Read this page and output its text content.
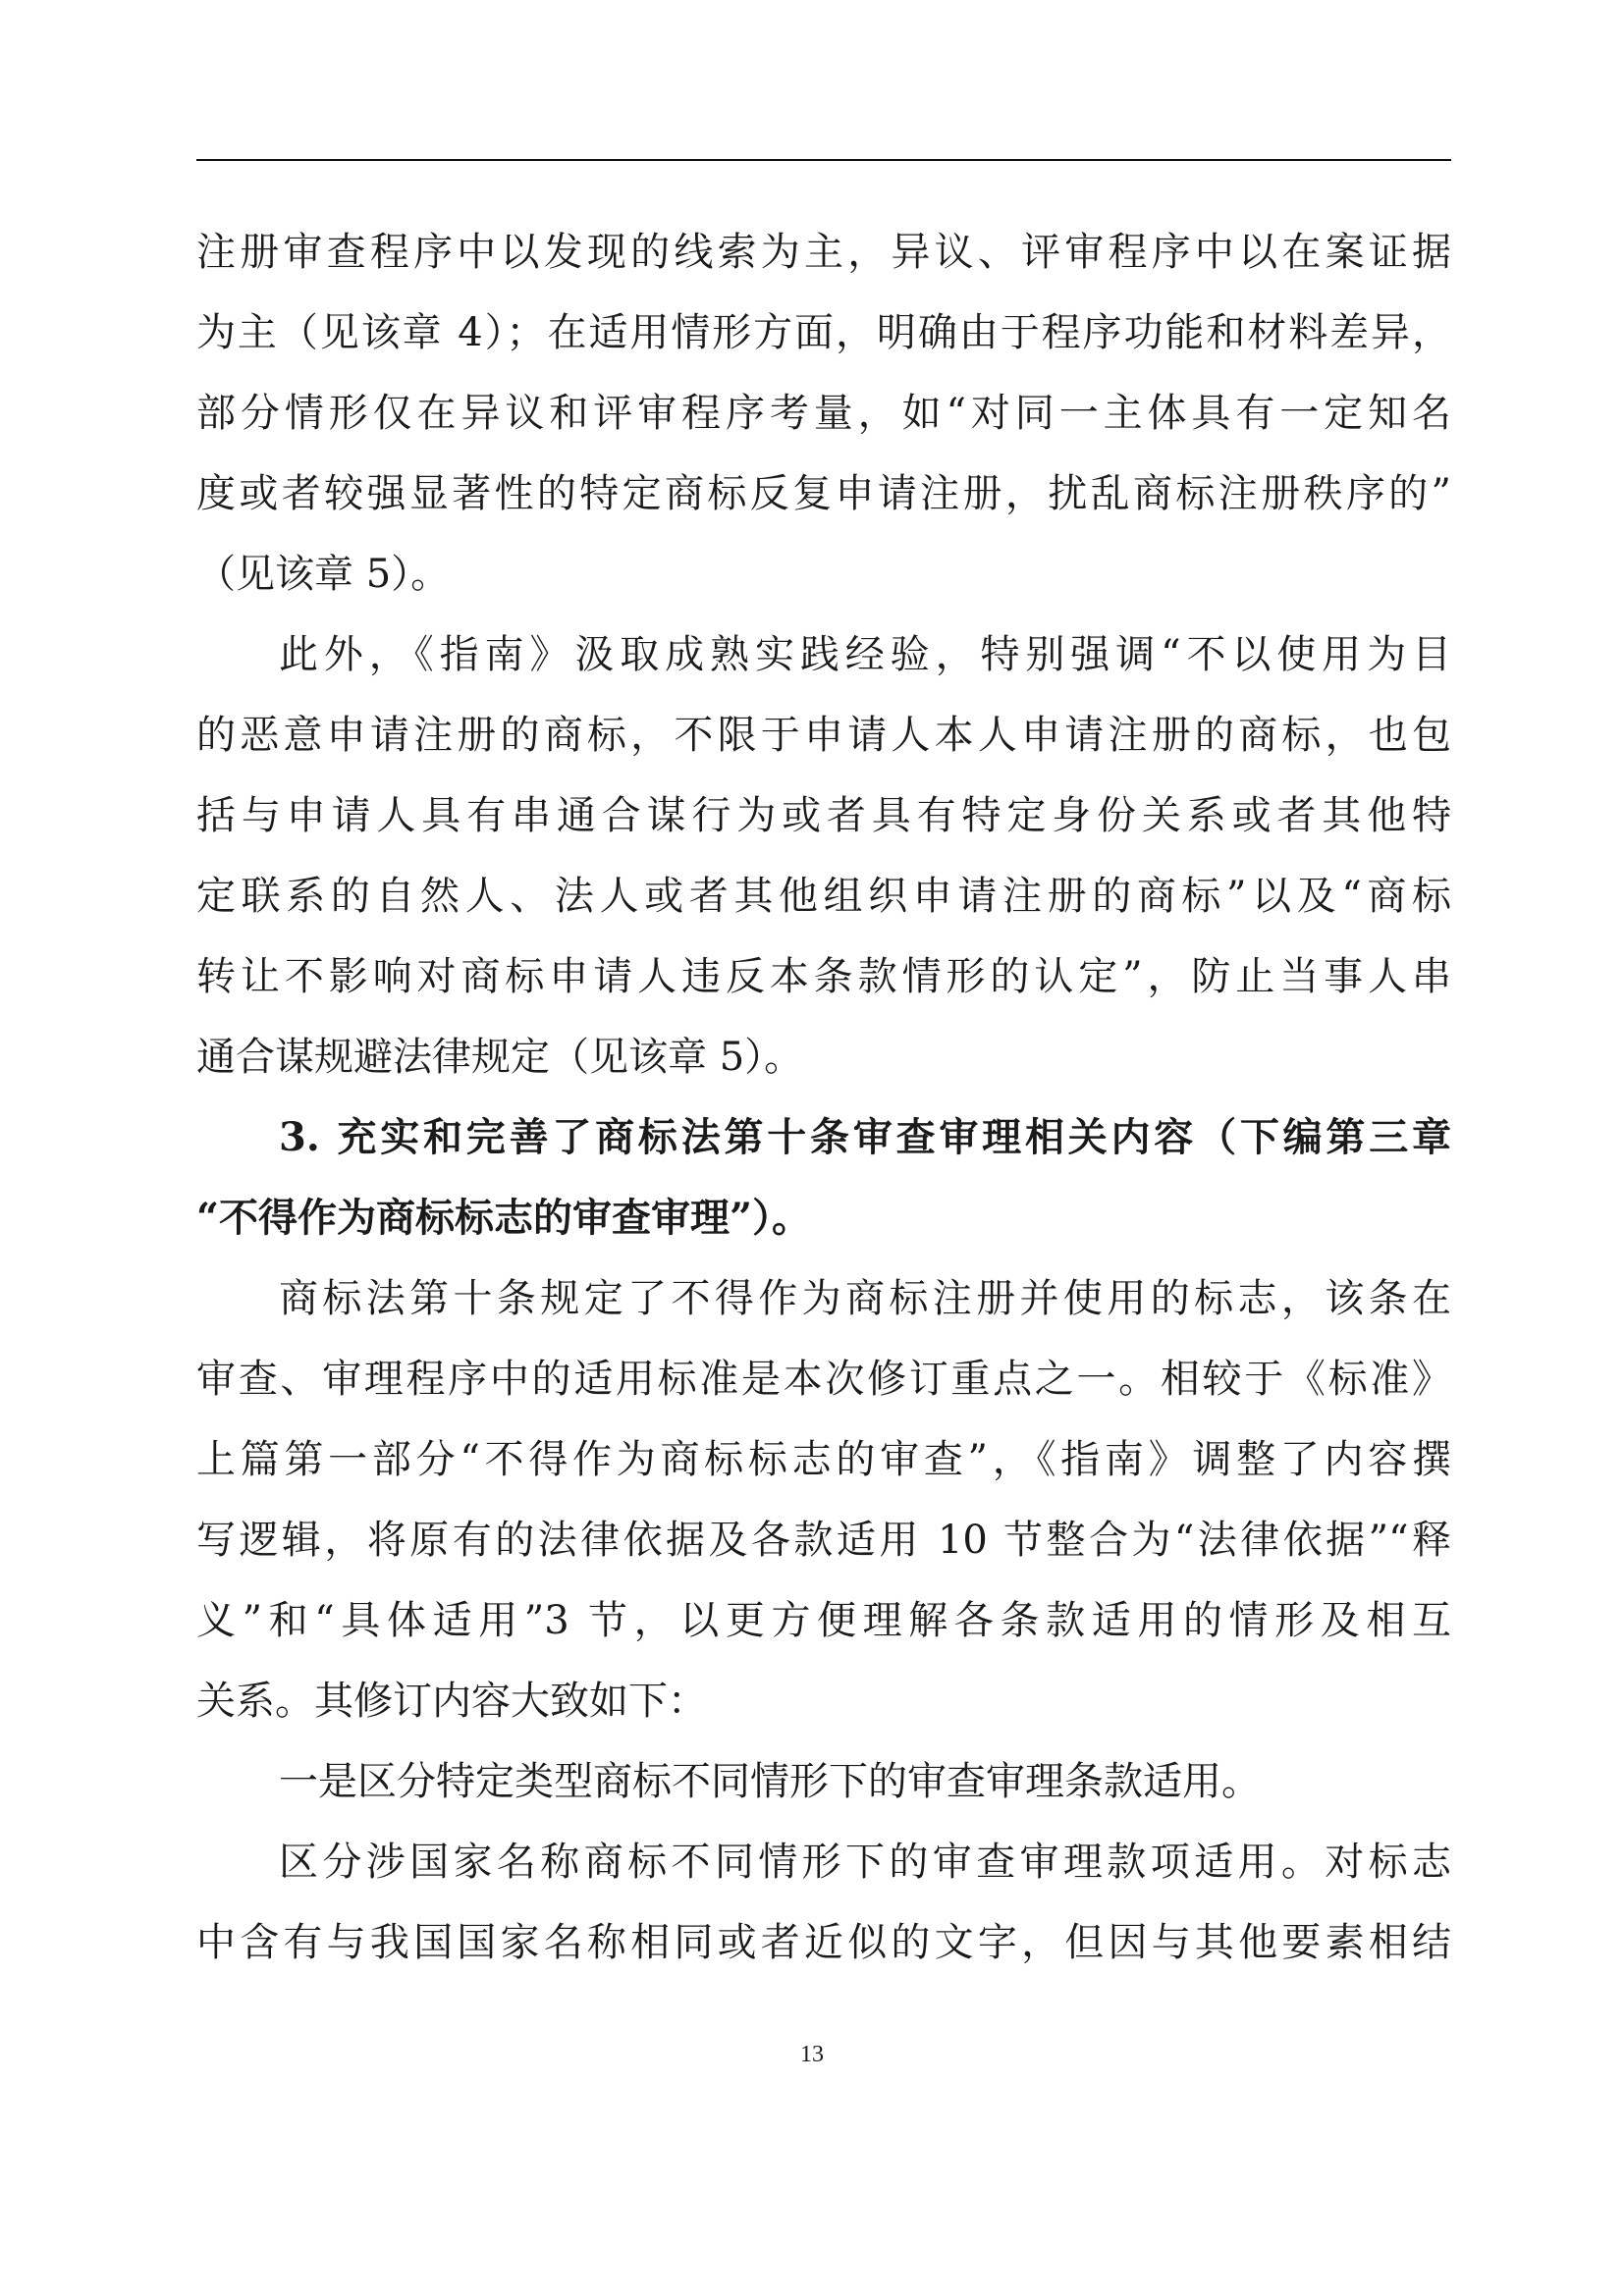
注册审查程序中以发现的线索为主，异议、评审程序中以在案证据
为主（见该章 4）；在适用情形方面，明确由于程序功能和材料差异，
部分情形仅在异议和评审程序考量，如“对同一主体具有一定知名
度或者较强显著性的特定商标反复申请注册，扰乱商标注册秩序的”
（见该章 5）。
此外，《指南》汲取成熟实践经验，特别强调“不以使用为目
的恶意申请注册的商标，不限于申请人本人申请注册的商标，也包
括与申请人具有串通合谋行为或者具有特定身份关系或者其他特
定联系的自然人、法人或者其他组织申请注册的商标”以及“商标
转让不影响对商标申请人违反本条款情形的认定”，防止当事人串
通合谋规避法律规定（见该章 5）。
3. 充实和完善了商标法第十条审查审理相关内容（下编第三章
“不得作为商标标志的审查审理”）。
商标法第十条规定了不得作为商标注册并使用的标志，该条在
审查、审理程序中的适用标准是本次修订重点之一。相较于《标准》
上篇第一部分“不得作为商标标志的审查”，《指南》调整了内容撰
写逻辑，将原有的法律依据及各款适用 10 节整合为“法律依据”“释
义”和“具体适用”3 节，以更方便理解各条款适用的情形及相互
关系。其修订内容大致如下：
一是区分特定类型商标不同情形下的审查审理条款适用。
区分涉国家名称商标不同情形下的审查审理款项适用。对标志
中含有与我国国家名称相同或者近似的文字，但因与其他要素相结
13
